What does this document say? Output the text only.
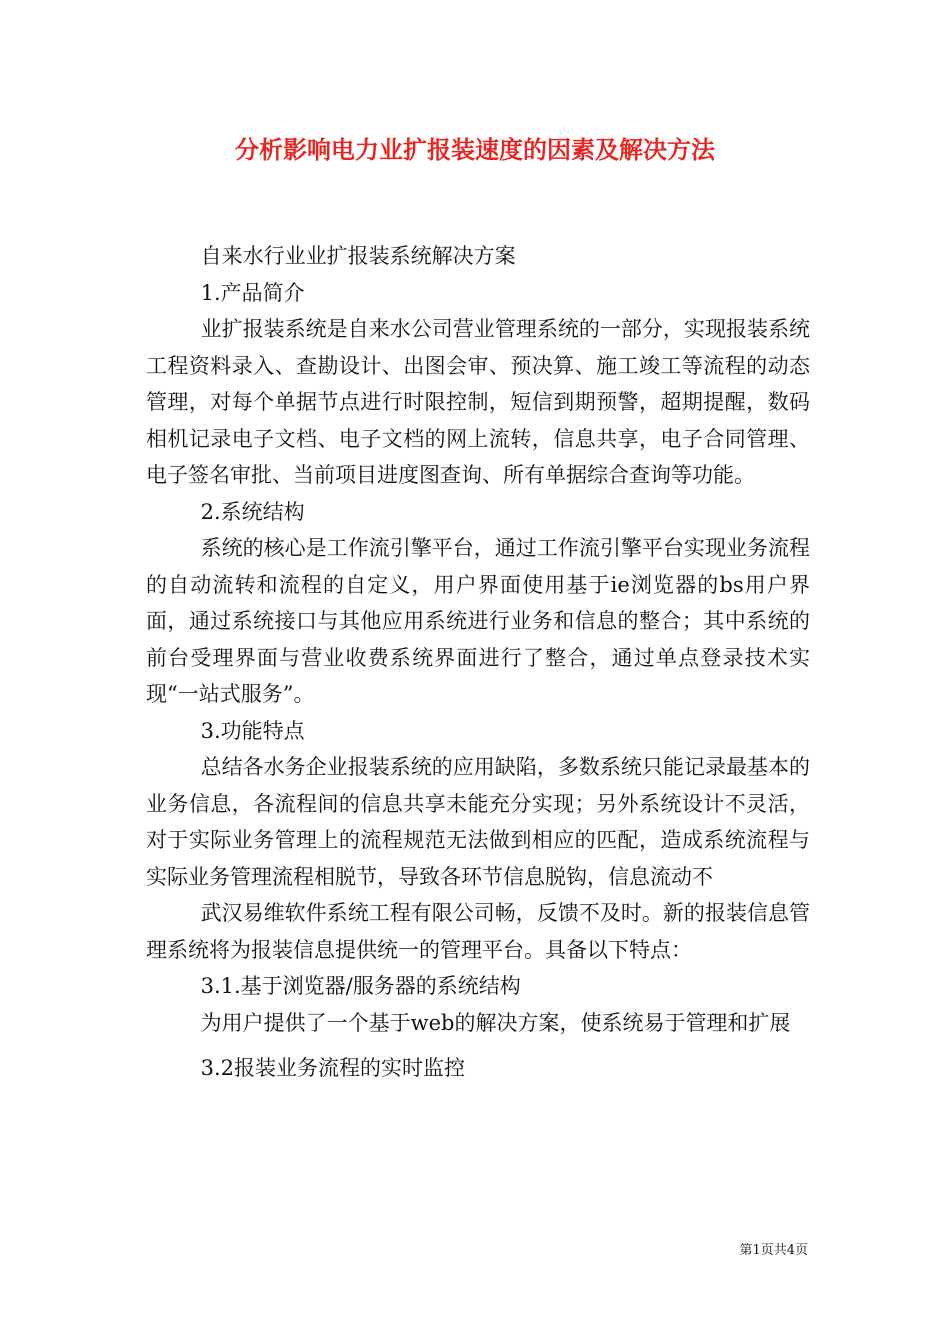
分析影响电力业扩报装速度的因素及解决方法

自来水行业业扩报装系统解决方案

1.产品简介

业扩报装系统是自来水公司营业管理系统的一部分，实现报装系统工程资料录入、查勘设计、出图会审、预决算、施工竣工等流程的动态管理，对每个单据节点进行时限控制，短信到期预警，超期提醒，数码相机记录电子文档、电子文档的网上流转，信息共享，电子合同管理、电子签名审批、当前项目进度图查询、所有单据综合查询等功能。

2.系统结构

系统的核心是工作流引擎平台，通过工作流引擎平台实现业务流程的自动流转和流程的自定义，用户界面使用基于ie浏览器的bs用户界面，通过系统接口与其他应用系统进行业务和信息的整合；其中系统的前台受理界面与营业收费系统界面进行了整合，通过单点登录技术实现“一站式服务”。

3.功能特点

总结各水务企业报装系统的应用缺陷，多数系统只能记录最基本的业务信息，各流程间的信息共享未能充分实现；另外系统设计不灵活，对于实际业务管理上的流程规范无法做到相应的匹配，造成系统流程与实际业务管理流程相脱节，导致各环节信息脱钩，信息流动不

武汉易维软件系统工程有限公司畅，反馈不及时。新的报装信息管理系统将为报装信息提供统一的管理平台。具备以下特点：

3.1.基于浏览器/服务器的系统结构

为用户提供了一个基于web的解决方案，使系统易于管理和扩展

3.2报装业务流程的实时监控

第1页共4页
